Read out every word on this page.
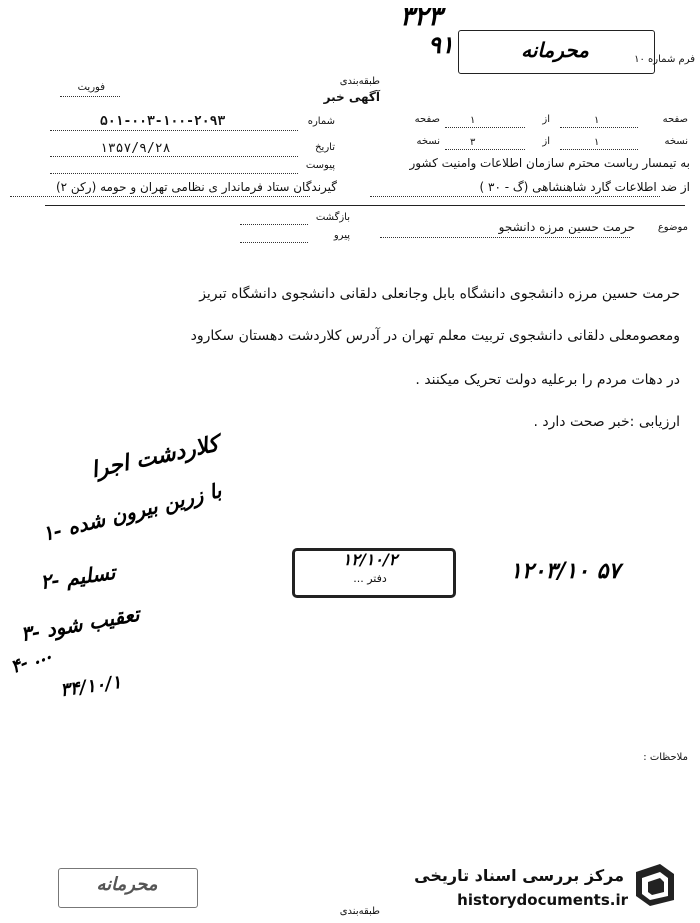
۳۲۳
۹۱	محرمانه	فرم شماره ۱۰
فوریت
طبقه‌بندی
آگهی خبر
شماره
۵۰۱-۰۰۳-۱۰۰-۲۰۹۳
تاریخ
۱۳۵۷/۹/۲۸
پیوست
صفحه
۱
از
۱
صفحه
نسخه
۱
از
۳
نسخه
به تیمسار ریاست محترم سازمان اطلاعات وامنیت کشور
از ضد اطلاعات گارد شاهنشاهی (گ - ۳۰ )
گیرندگان ستاد فرماندار ی نظامی تهران و حومه (رکن ۲)
بازگشت
پیرو
موضوع
حرمت حسین مرزه دانشجو
حرمت حسین مرزه دانشجوی دانشگاه بابل وجانعلی دلقانی دانشجوی دانشگاه تبریز
ومعصومعلی دلقانی دانشجوی تربیت معلم تهران در آدرس کلاردشت دهستان سکارود
در دهات مردم را برعلیه دولت تحریک میکنند .
ارزیابی :خبر صحت دارد .
کلاردشت اجرا
۱- با زرین بیرون شده
۲- تسلیم
۳- تعقیب شود
۴- ...
۳۴/۱۰/۱
۱۲۰۳/۱۰ ۵۷
۱۲/۱۰/۲
دفتر ...
ملاحظات :
محرمانه
طبقه‌بندی
مرکز بررسی اسناد تاریخی
historydocuments.ir
